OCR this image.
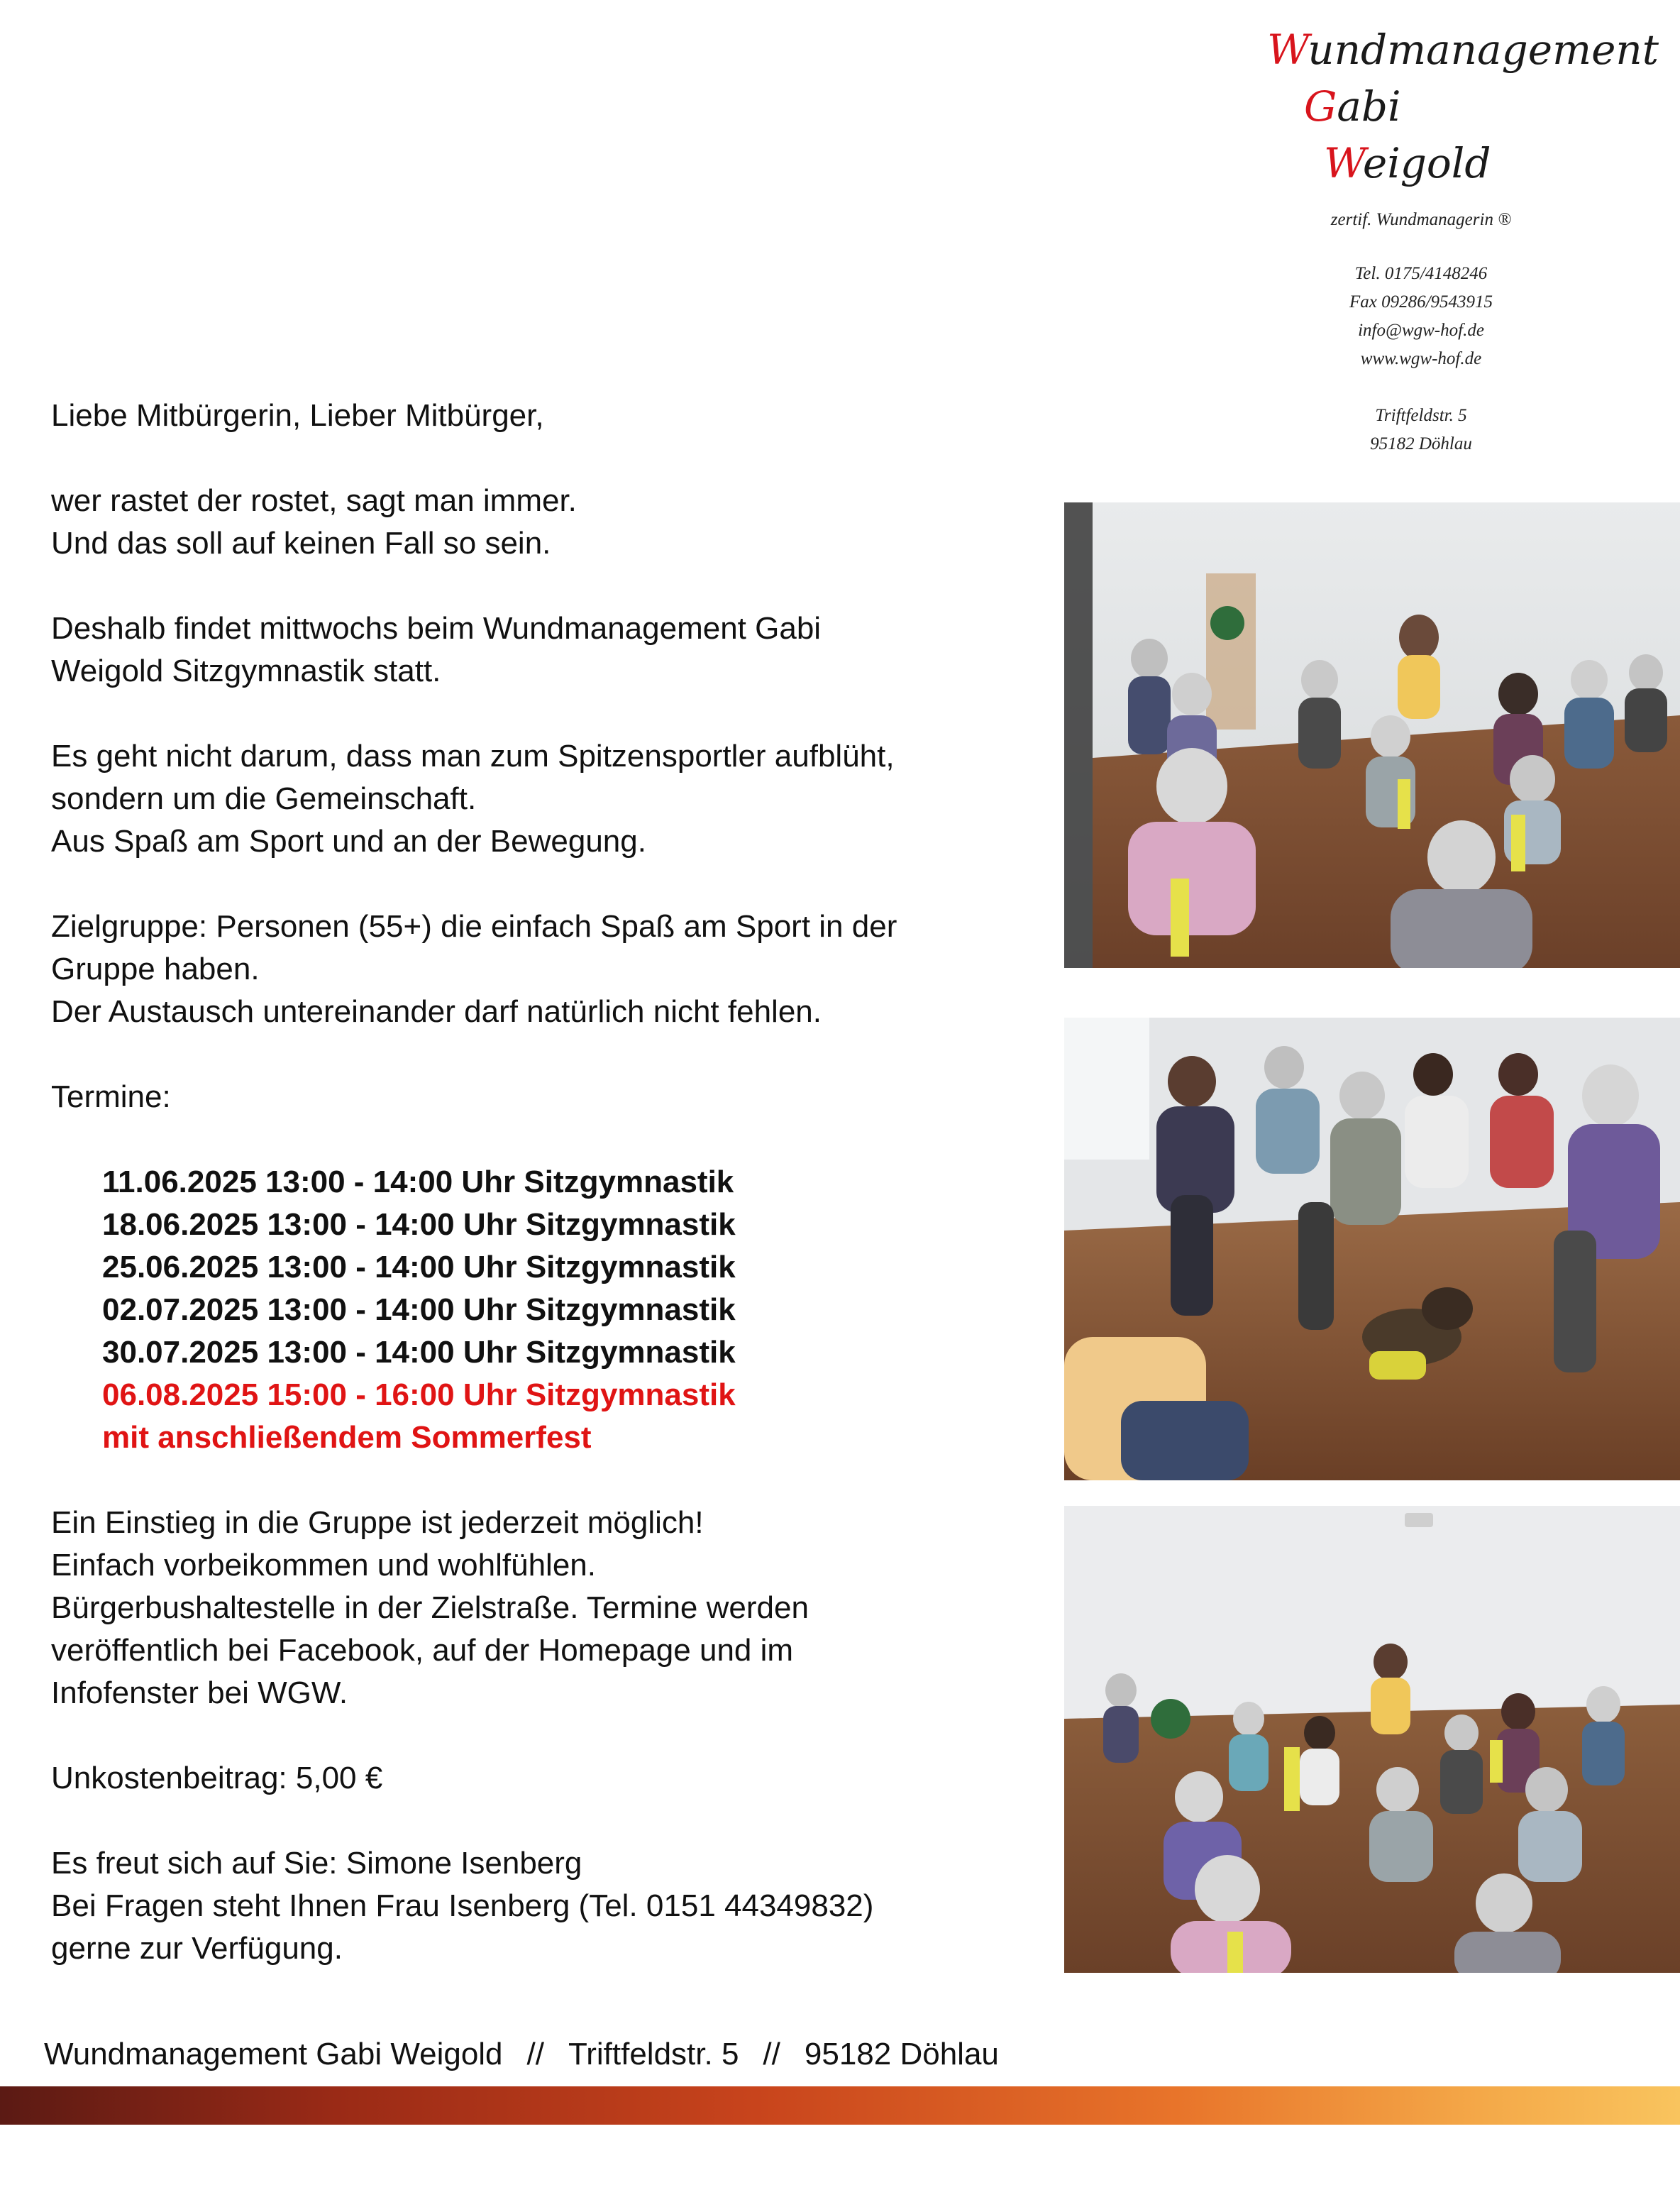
Wundmanagement
Gabi
Weigold
zertif. Wundmanagerin ®
Tel. 0175/4148246
Fax 09286/9543915
info@wgw-hof.de
www.wgw-hof.de
Triftfeldstr. 5
95182 Döhlau

Liebe Mitbürgerin, Lieber Mitbürger,

wer rastet der rostet, sagt man immer.
Und das soll auf keinen Fall so sein.

Deshalb findet mittwochs beim Wundmanagement Gabi
Weigold Sitzgymnastik statt.

Es geht nicht darum, dass man zum Spitzensportler aufblüht,
sondern um die Gemeinschaft.
Aus Spaß am Sport und an der Bewegung.

Zielgruppe: Personen (55+) die einfach Spaß am Sport in der
Gruppe haben.
Der Austausch untereinander darf natürlich nicht fehlen.

Termine:

11.06.2025 13:00 - 14:00 Uhr Sitzgymnastik
18.06.2025 13:00 - 14:00 Uhr Sitzgymnastik
25.06.2025 13:00 - 14:00 Uhr Sitzgymnastik
02.07.2025 13:00 - 14:00 Uhr Sitzgymnastik
30.07.2025 13:00 - 14:00 Uhr Sitzgymnastik
06.08.2025 15:00 - 16:00 Uhr Sitzgymnastik
mit anschließendem Sommerfest

Ein Einstieg in die Gruppe ist jederzeit möglich!
Einfach vorbeikommen und wohlfühlen.
Bürgerbushaltestelle in der Zielstraße. Termine werden
veröffentlich bei Facebook, auf der Homepage und im
Infofenster bei WGW.

Unkostenbeitrag: 5,00 €

Es freut sich auf Sie: Simone Isenberg
Bei Fragen steht Ihnen Frau Isenberg (Tel. 0151 44349832)
gerne zur Verfügung.

Wundmanagement Gabi Weigold // Triftfeldstr. 5 // 95182 Döhlau
